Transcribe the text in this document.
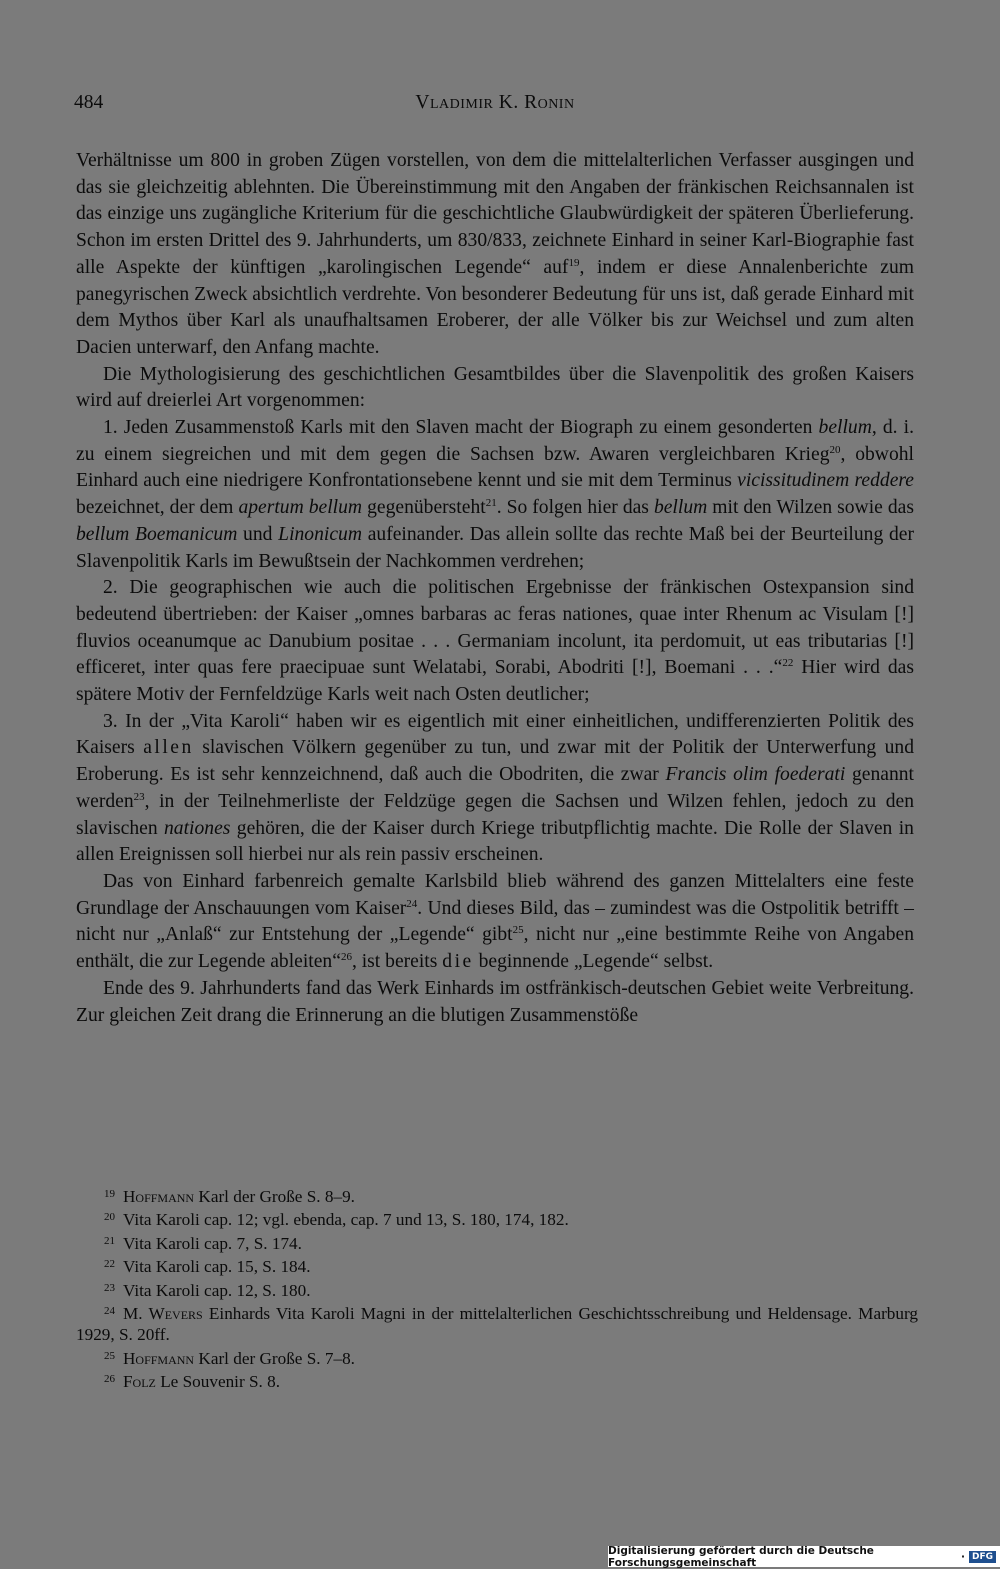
484	Vladimir K. Ronin

Verhältnisse um 800 in groben Zügen vorstellen, von dem die mittelalterlichen Verfasser ausgingen und das sie gleichzeitig ablehnten. Die Übereinstimmung mit den Angaben der fränkischen Reichsannalen ist das einzige uns zugängliche Kriterium für die geschichtliche Glaubwürdigkeit der späteren Überlieferung. Schon im ersten Drittel des 9. Jahrhunderts, um 830/833, zeichnete Einhard in seiner Karl-Biographie fast alle Aspekte der künftigen „karolingischen Legende“ auf$^{19}$, indem er diese Annalenberichte zum panegyrischen Zweck absichtlich verdrehte. Von besonderer Bedeutung für uns ist, daß gerade Einhard mit dem Mythos über Karl als unaufhaltsamen Eroberer, der alle Völker bis zur Weichsel und zum alten Dacien unterwarf, den Anfang machte.

Die Mythologisierung des geschichtlichen Gesamtbildes über die Slavenpolitik des großen Kaisers wird auf dreierlei Art vorgenommen:

1. Jeden Zusammenstoß Karls mit den Slaven macht der Biograph zu einem gesonderten bellum, d. i. zu einem siegreichen und mit dem gegen die Sachsen bzw. Awaren vergleichbaren Krieg$^{20}$, obwohl Einhard auch eine niedrigere Konfrontationsebene kennt und sie mit dem Terminus vicissitudinem reddere bezeichnet, der dem apertum bellum gegenübersteht$^{21}$. So folgen hier das bellum mit den Wilzen sowie das bellum Boemanicum und Linonicum aufeinander. Das allein sollte das rechte Maß bei der Beurteilung der Slavenpolitik Karls im Bewußtsein der Nachkommen verdrehen;

2. Die geographischen wie auch die politischen Ergebnisse der fränkischen Ostexpansion sind bedeutend übertrieben: der Kaiser „omnes barbaras ac feras nationes, quae inter Rhenum ac Visulam [!] fluvios oceanumque ac Danubium positae . . . Germaniam incolunt, ita perdomuit, ut eas tributarias [!] efficeret, inter quas fere praecipuae sunt Welatabi, Sorabi, Abodriti [!], Boemani . . .“$^{22}$ Hier wird das spätere Motiv der Fernfeldzüge Karls weit nach Osten deutlicher;

3. In der „Vita Karoli“ haben wir es eigentlich mit einer einheitlichen, undifferenzierten Politik des Kaisers allen slavischen Völkern gegenüber zu tun, und zwar mit der Politik der Unterwerfung und Eroberung. Es ist sehr kennzeichnend, daß auch die Obodriten, die zwar Francis olim foederati genannt werden$^{23}$, in der Teilnehmerliste der Feldzüge gegen die Sachsen und Wilzen fehlen, jedoch zu den slavischen nationes gehören, die der Kaiser durch Kriege tributpflichtig machte. Die Rolle der Slaven in allen Ereignissen soll hierbei nur als rein passiv erscheinen.

Das von Einhard farbenreich gemalte Karlsbild blieb während des ganzen Mittelalters eine feste Grundlage der Anschauungen vom Kaiser$^{24}$. Und dieses Bild, das – zumindest was die Ostpolitik betrifft – nicht nur „Anlaß“ zur Entstehung der „Legende“ gibt$^{25}$, nicht nur „eine bestimmte Reihe von Angaben enthält, die zur Legende ableiten“$^{26}$, ist bereits die beginnende „Legende“ selbst.

Ende des 9. Jahrhunderts fand das Werk Einhards im ostfränkisch-deutschen Gebiet weite Verbreitung. Zur gleichen Zeit drang die Erinnerung an die blutigen Zusammenstöße

$^{19}$ Hoffmann Karl der Große S. 8–9.

$^{20}$ Vita Karoli cap. 12; vgl. ebenda, cap. 7 und 13, S. 180, 174, 182.

$^{21}$ Vita Karoli cap. 7, S. 174.

$^{22}$ Vita Karoli cap. 15, S. 184.

$^{23}$ Vita Karoli cap. 12, S. 180.

$^{24}$ M. Wevers Einhards Vita Karoli Magni in der mittelalterlichen Geschichtsschreibung und Heldensage. Marburg 1929, S. 20ff.

$^{25}$ Hoffmann Karl der Große S. 7–8.

$^{26}$ Folz Le Souvenir S. 8.

Digitalisierung gefördert durch die Deutsche Forschungsgemeinschaft	· DFG
